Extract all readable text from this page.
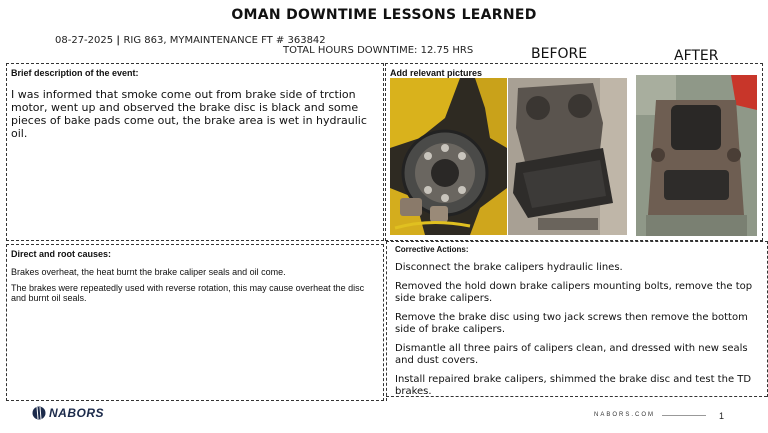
OMAN DOWNTIME LESSONS LEARNED
08-27-2025 | RIG 863, MYMAINTENANCE FT # 363842
TOTAL HOURS DOWNTIME: 12.75 HRS	BEFORE	AFTER
Brief description of the event:
I was informed that smoke come out from brake side of trction motor, went up and observed the brake disc is black and some pieces of bake pads come out, the brake area is wet in hydraulic oil.
Add relevant pictures
Direct and root causes:

Brakes overheat, the heat burnt the brake caliper seals and oil come.

The brakes were repeatedly used with reverse rotation, this may cause overheat the disc and burnt oil seals.

Corrective Actions:

Disconnect the brake calipers hydraulic lines.

Removed the hold down brake calipers mounting bolts, remove the top side brake calipers.

Remove the brake disc using two jack screws then remove the bottom side of brake calipers.

Dismantle all three pairs of calipers clean, and dressed with new seals and dust covers.

Install repaired brake calipers, shimmed the brake disc and test the TD brakes.

NABORS	NABORS.COM	1
